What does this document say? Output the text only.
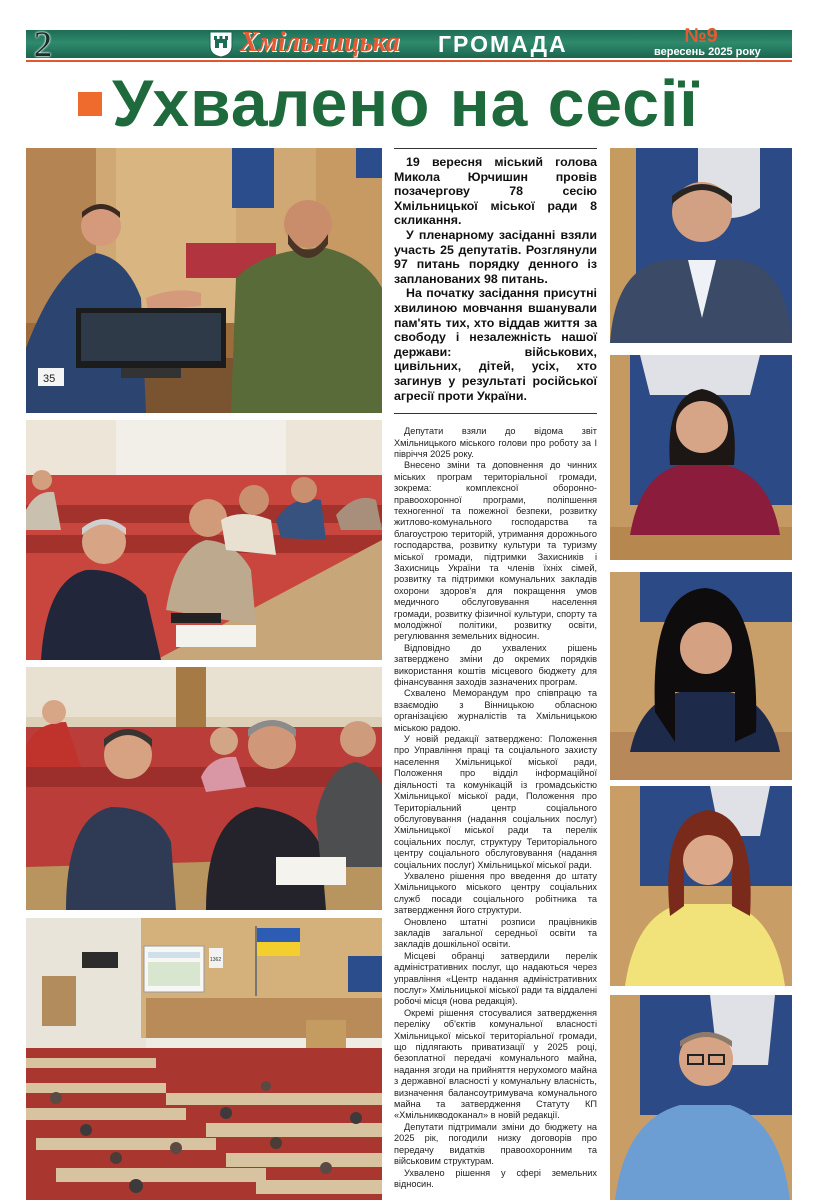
2	Хмільницька ГРОМАДА	№9
вересень 2025 року
Ухвалено на сесії
35
1362

19 вересня міський голова Микола Юрчишин провів позачергову 78 сесію Хмільницької міської ради 8 скликання.

У пленарному засіданні взяли участь 25 депутатів. Розглянули 97 питань порядку денного із запланованих 98 питань.

На початку засідання присутні хвилиною мовчання вшанували пам'ять тих, хто віддав життя за свободу і незалежність нашої держави: військових, цивільних, дітей, усіх, хто загинув у результаті російської агресії проти України.

Депутати взяли до відома звіт Хмільницького міського голови про роботу за I півріччя 2025 року.

Внесено зміни та доповнення до чинних міських програм територіальної громади, зокрема: комплексної оборонно-правоохоронної програми, поліпшення техногенної та пожежної безпеки, розвитку житлово-комунального господарства та благоустрою територій, утримання дорожнього господарства, розвитку культури та туризму міської громади, підтримки Захисників і Захисниць України та членів їхніх сімей, розвитку та підтримки комунальних закладів охорони здоров'я для покращення умов медичного обслуговування населення громади, розвитку фізичної культури, спорту та молодіжної політики, розвитку освіти, регулювання земельних відносин.

Відповідно до ухвалених рішень затверджено зміни до окремих порядків використання коштів місцевого бюджету для фінансування заходів зазначених програм.

Схвалено Меморандум про співпрацю та взаємодію з Вінницькою обласною організацією журналістів та Хмільницькою міською радою.

У новій редакції затверджено: Положення про Управління праці та соціального захисту населення Хмільницької міської ради, Положення про відділ інформаційної діяльності та комунікацій із громадськістю Хмільницької міської ради, Положення про Територіальний центр соціального обслуговування (надання соціальних послуг) Хмільницької міської ради та перелік соціальних послуг, структуру Територіального центру соціального обслуговування (надання соціальних послуг) Хмільницької міської ради.

Ухвалено рішення про введення до штату Хмільницького міського центру соціальних служб посади соціального робітника та затвердження його структури.

Оновлено штатні розписи працівників закладів загальної середньої освіти та закладів дошкільної освіти.

Місцеві обранці затвердили перелік адміністративних послуг, що надаються через управління «Центр надання адміністративних послуг» Хмільницької міської ради та віддалені робочі місця (нова редакція).

Окремі рішення стосувалися затвердження переліку об'єктів комунальної власності Хмільницької міської територіальної громади, що підлягають приватизації у 2025 році, безоплатної передачі комунального майна, надання згоди на прийняття нерухомого майна з державної власності у комунальну власність, визначення балансоутримувача комунального майна та затвердження Статуту КП «Хмільникводоканал» в новій редакції.

Депутати підтримали зміни до бюджету на 2025 рік, погодили низку договорів про передачу видатків правоохоронним та військовим структурам.

Ухвалено рішення у сфері земельних відносин.
